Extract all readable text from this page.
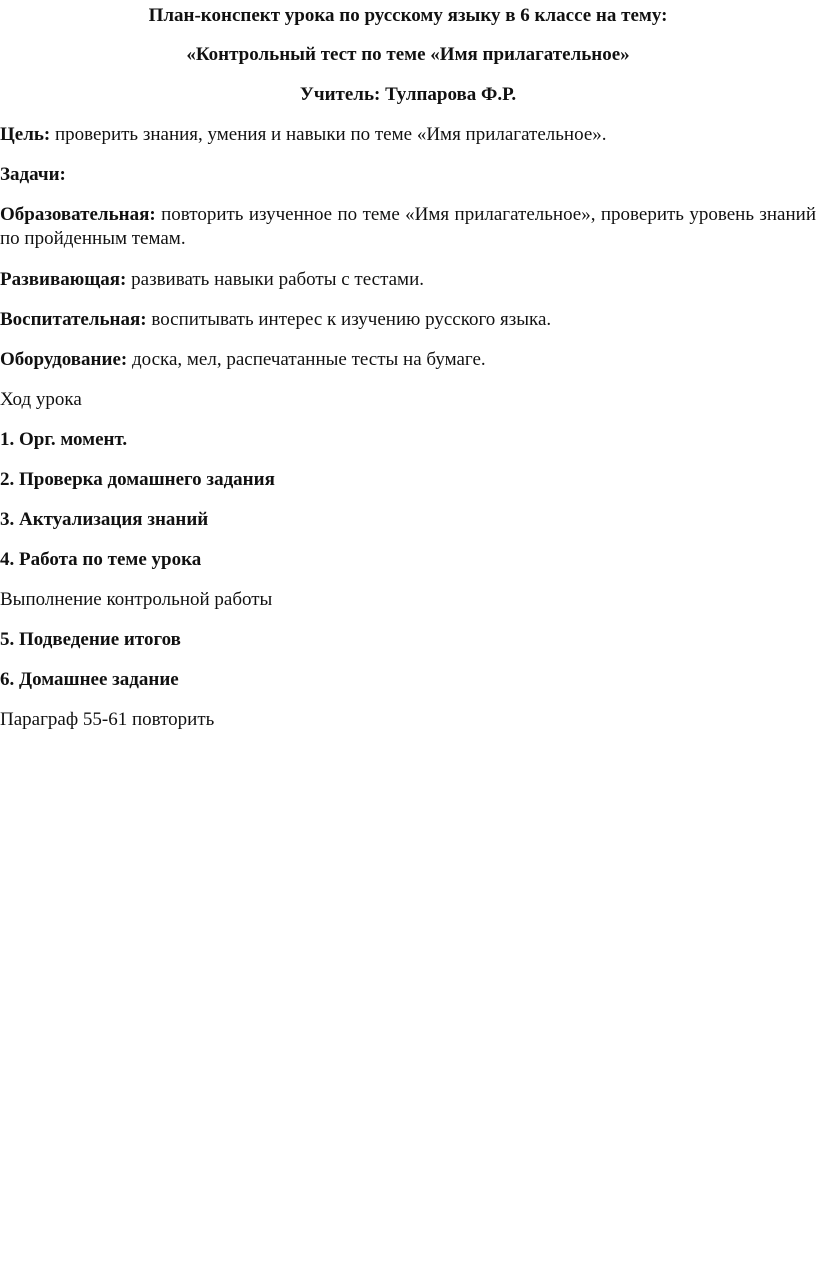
План-конспект урока по русскому языку в 6 классе на тему:
«Контрольный тест по теме «Имя прилагательное»
Учитель: Тулпарова Ф.Р.
Цель: проверить знания, умения и навыки по теме «Имя прилагательное».
Задачи:
Образовательная: повторить изученное по теме «Имя прилагательное», проверить уровень знаний по пройденным темам.
Развивающая: развивать навыки работы с тестами.
Воспитательная: воспитывать интерес к изучению русского языка.
Оборудование: доска, мел, распечатанные тесты на бумаге.
Ход урока
1. Орг. момент.
2. Проверка домашнего задания
3. Актуализация знаний
4. Работа по теме урока
Выполнение контрольной работы
5. Подведение итогов
6. Домашнее задание
Параграф 55-61 повторить
